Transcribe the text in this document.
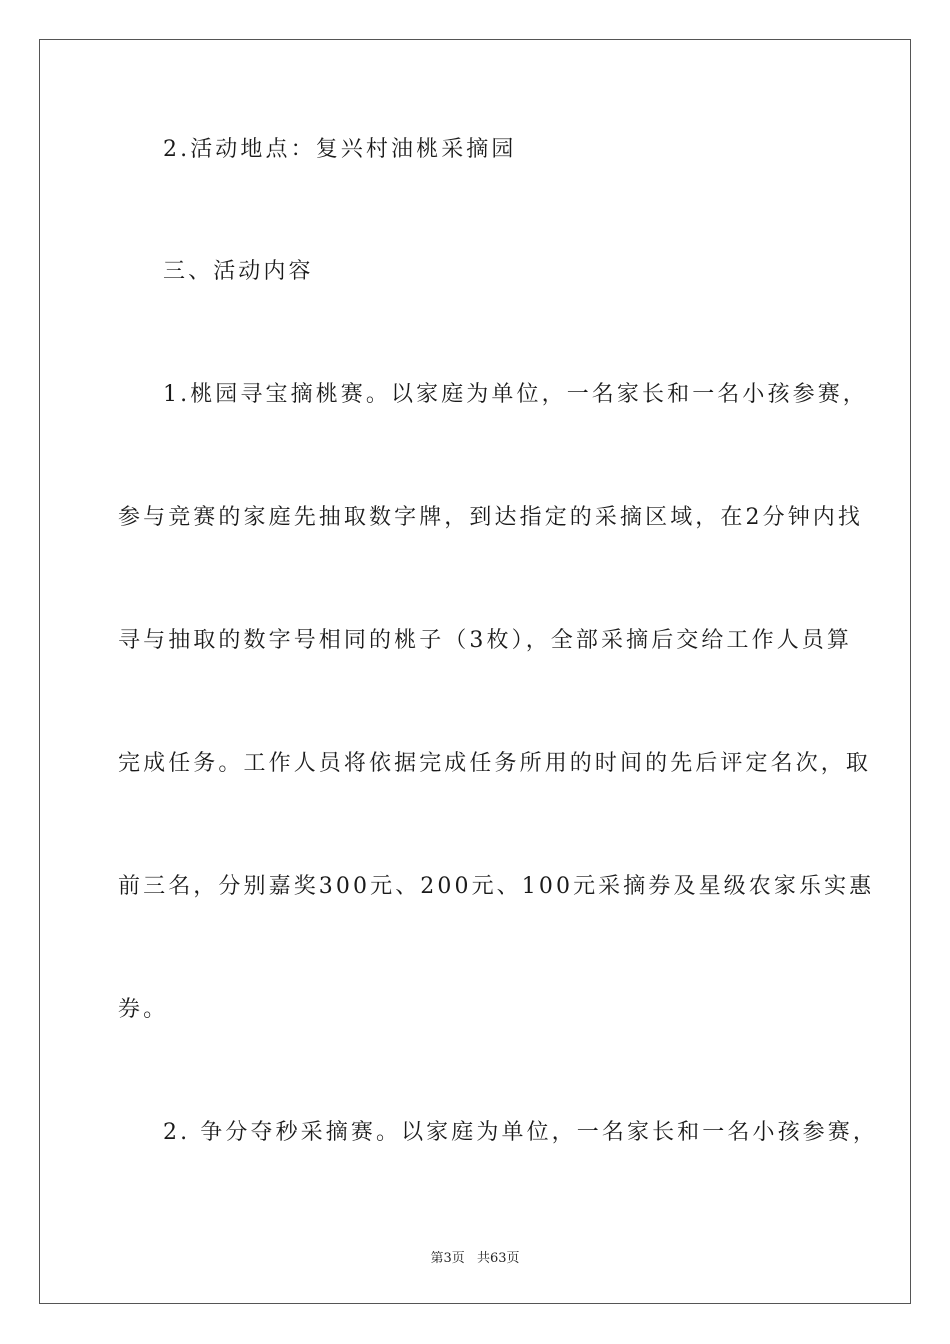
2.活动地点：复兴村油桃采摘园
三、活动内容
1.桃园寻宝摘桃赛。以家庭为单位，一名家长和一名小孩参赛，
参与竞赛的家庭先抽取数字牌，到达指定的采摘区域，在2分钟内找
寻与抽取的数字号相同的桃子（3枚），全部采摘后交给工作人员算
完成任务。工作人员将依据完成任务所用的时间的先后评定名次，取
前三名，分别嘉奖300元、200元、100元采摘券及星级农家乐实惠
券。
2. 争分夺秒采摘赛。以家庭为单位，一名家长和一名小孩参赛，
第3页 共63页
